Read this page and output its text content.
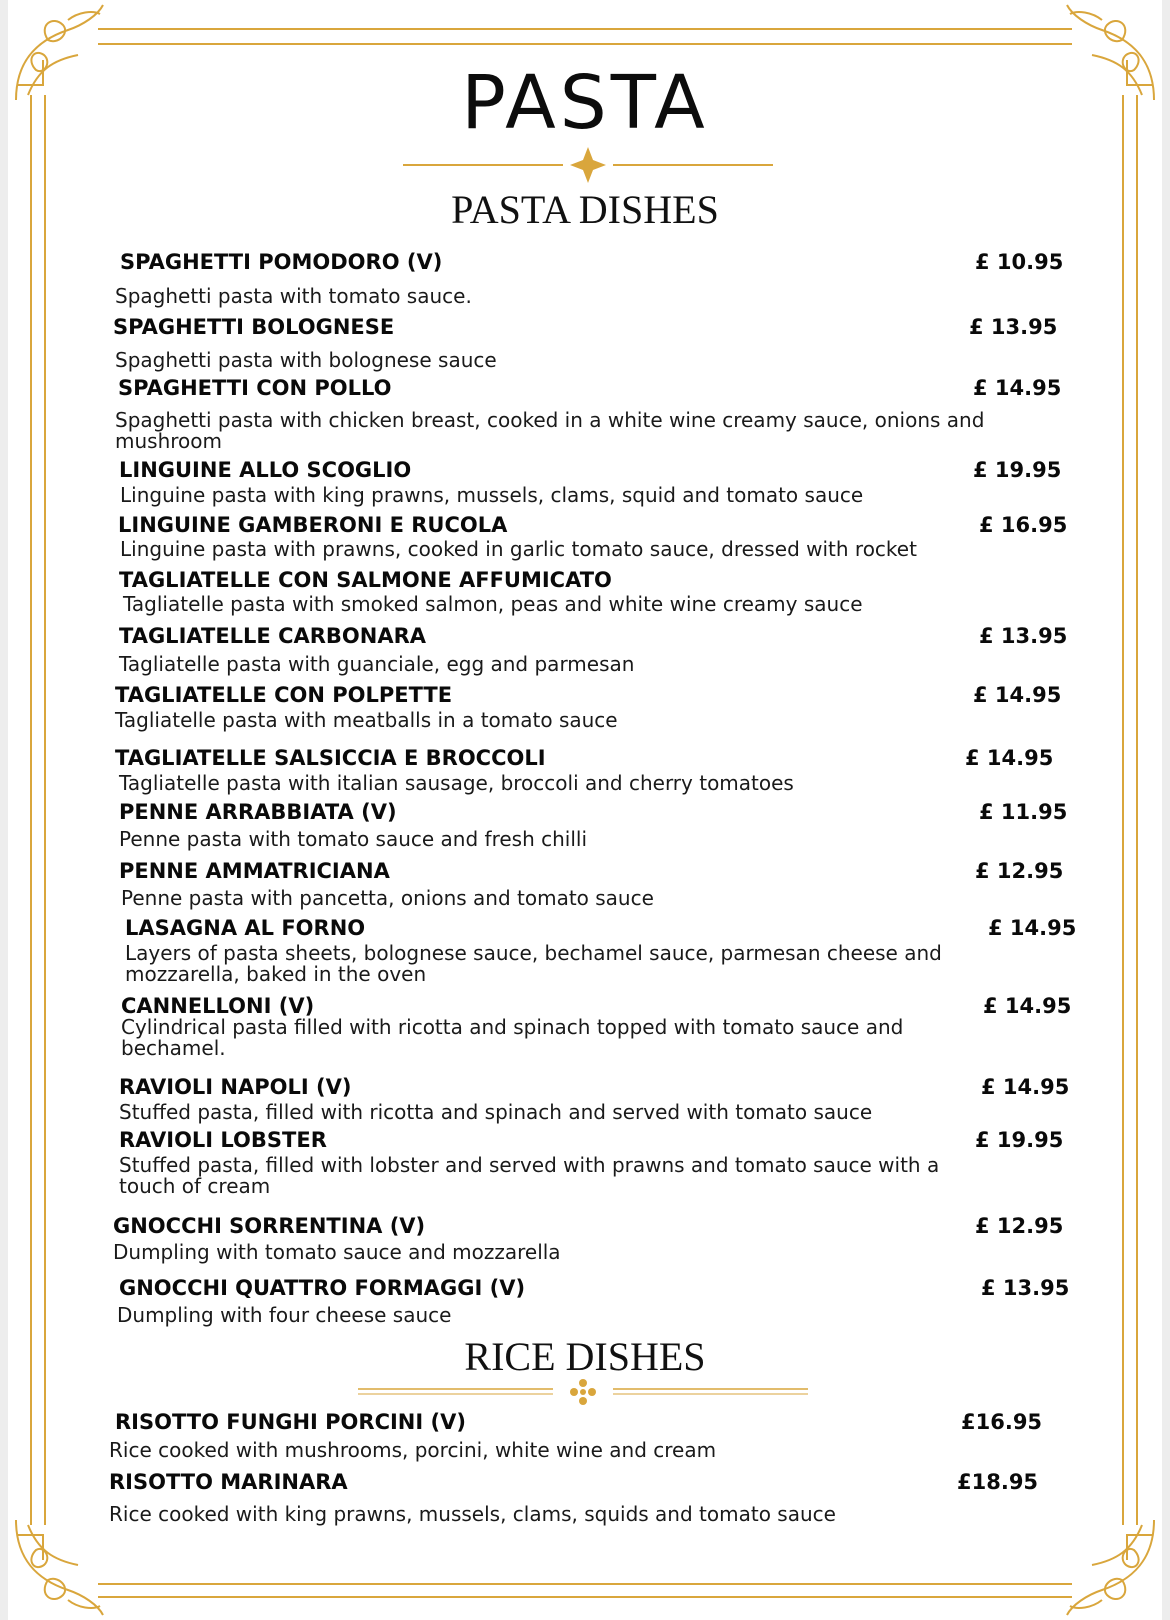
PASTA
PASTA DISHES
SPAGHETTI POMODORO (V)	£ 10.95
Spaghetti pasta with tomato sauce.
SPAGHETTI BOLOGNESE	£ 13.95
Spaghetti pasta with bolognese sauce
SPAGHETTI CON POLLO	£ 14.95
Spaghetti pasta with chicken breast, cooked in a white wine creamy sauce, onions and mushroom
LINGUINE ALLO SCOGLIO	£ 19.95
Linguine pasta with king prawns, mussels, clams, squid and tomato sauce
LINGUINE GAMBERONI E RUCOLA	£ 16.95
Linguine pasta with prawns, cooked in garlic tomato sauce, dressed with rocket
TAGLIATELLE CON SALMONE AFFUMICATO
Tagliatelle pasta with smoked salmon, peas and white wine creamy sauce
TAGLIATELLE CARBONARA	£ 13.95
Tagliatelle pasta with guanciale, egg and parmesan
TAGLIATELLE CON POLPETTE	£ 14.95
Tagliatelle pasta with meatballs in a tomato sauce
TAGLIATELLE SALSICCIA E BROCCOLI	£ 14.95
Tagliatelle pasta with italian sausage, broccoli and cherry tomatoes
PENNE ARRABBIATA (V)	£ 11.95
Penne pasta with tomato sauce and fresh chilli
PENNE AMMATRICIANA	£ 12.95
Penne pasta with pancetta, onions and tomato sauce
LASAGNA AL FORNO	£ 14.95
Layers of pasta sheets, bolognese sauce, bechamel sauce, parmesan cheese and mozzarella, baked in the oven
CANNELLONI (V)	£ 14.95
Cylindrical pasta filled with ricotta and spinach topped with tomato sauce and bechamel.
RAVIOLI NAPOLI (V)	£ 14.95
Stuffed pasta, filled with ricotta and spinach and served with tomato sauce
RAVIOLI LOBSTER	£ 19.95
Stuffed pasta, filled with lobster and served with prawns and tomato sauce with a touch of cream
GNOCCHI SORRENTINA (V)	£ 12.95
Dumpling with tomato sauce and mozzarella
GNOCCHI QUATTRO FORMAGGI (V)	£ 13.95
Dumpling with four cheese sauce
RICE DISHES
RISOTTO FUNGHI PORCINI (V)	£16.95
Rice cooked with mushrooms, porcini, white wine and cream
RISOTTO MARINARA	£18.95
Rice cooked with king prawns, mussels, clams, squids and tomato sauce
